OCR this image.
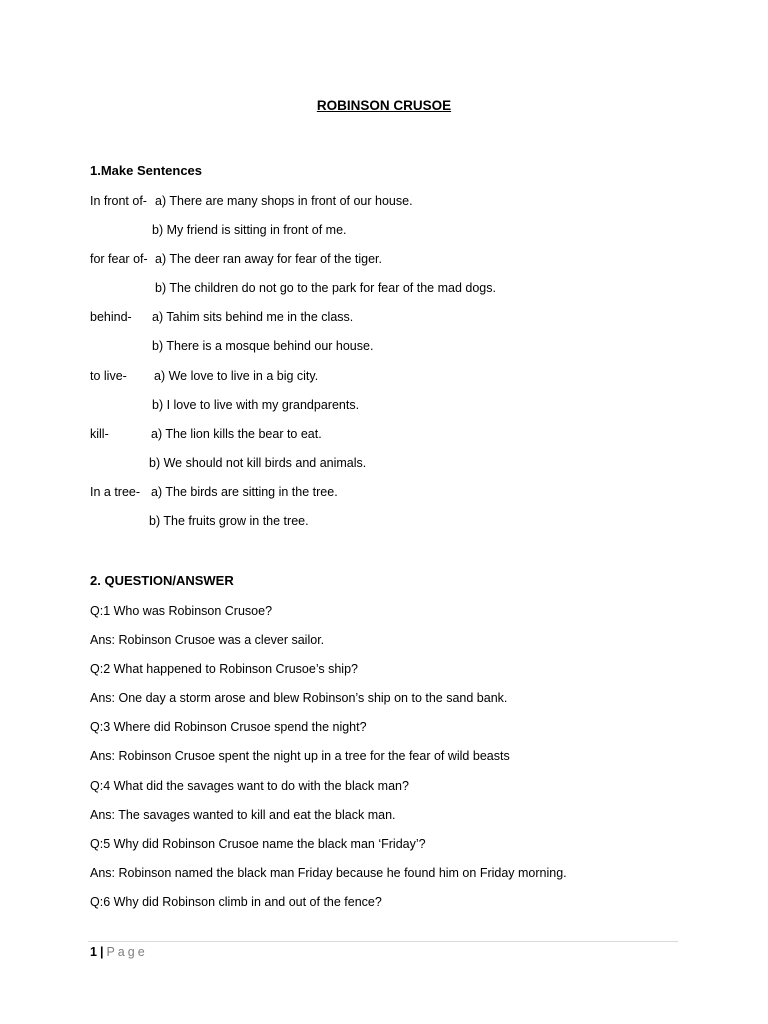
ROBINSON CRUSOE
1.Make Sentences
In front of- a) There are many shops in front of our house.
b) My friend is sitting in front of me.
for fear of- a) The deer ran away for fear of the tiger.
b) The children do not go to the park for fear of the mad dogs.
behind- a) Tahim sits behind me in the class.
b) There is a mosque behind our house.
to live- a) We love to live in a big city.
b) I love to live with my grandparents.
kill-	a) The lion kills the bear to eat.
b) We should not kill birds and animals.
In a tree- a) The birds are sitting in the tree.
b) The fruits grow in the tree.
2. QUESTION/ANSWER
Q:1 Who was Robinson Crusoe?
Ans: Robinson Crusoe was a clever sailor.
Q:2 What happened to Robinson Crusoe’s ship?
Ans: One day a storm arose and blew Robinson’s ship on to the sand bank.
Q:3 Where did Robinson Crusoe spend the night?
Ans: Robinson Crusoe spent the night up in a tree for the fear of wild beasts
Q:4 What did the savages want to do with the black man?
Ans: The savages wanted to kill and eat the black man.
Q:5 Why did Robinson Crusoe name the black man ‘Friday’?
Ans: Robinson named the black man Friday because he found him on Friday morning.
Q:6 Why did Robinson climb in and out of the fence?
1 | Page
